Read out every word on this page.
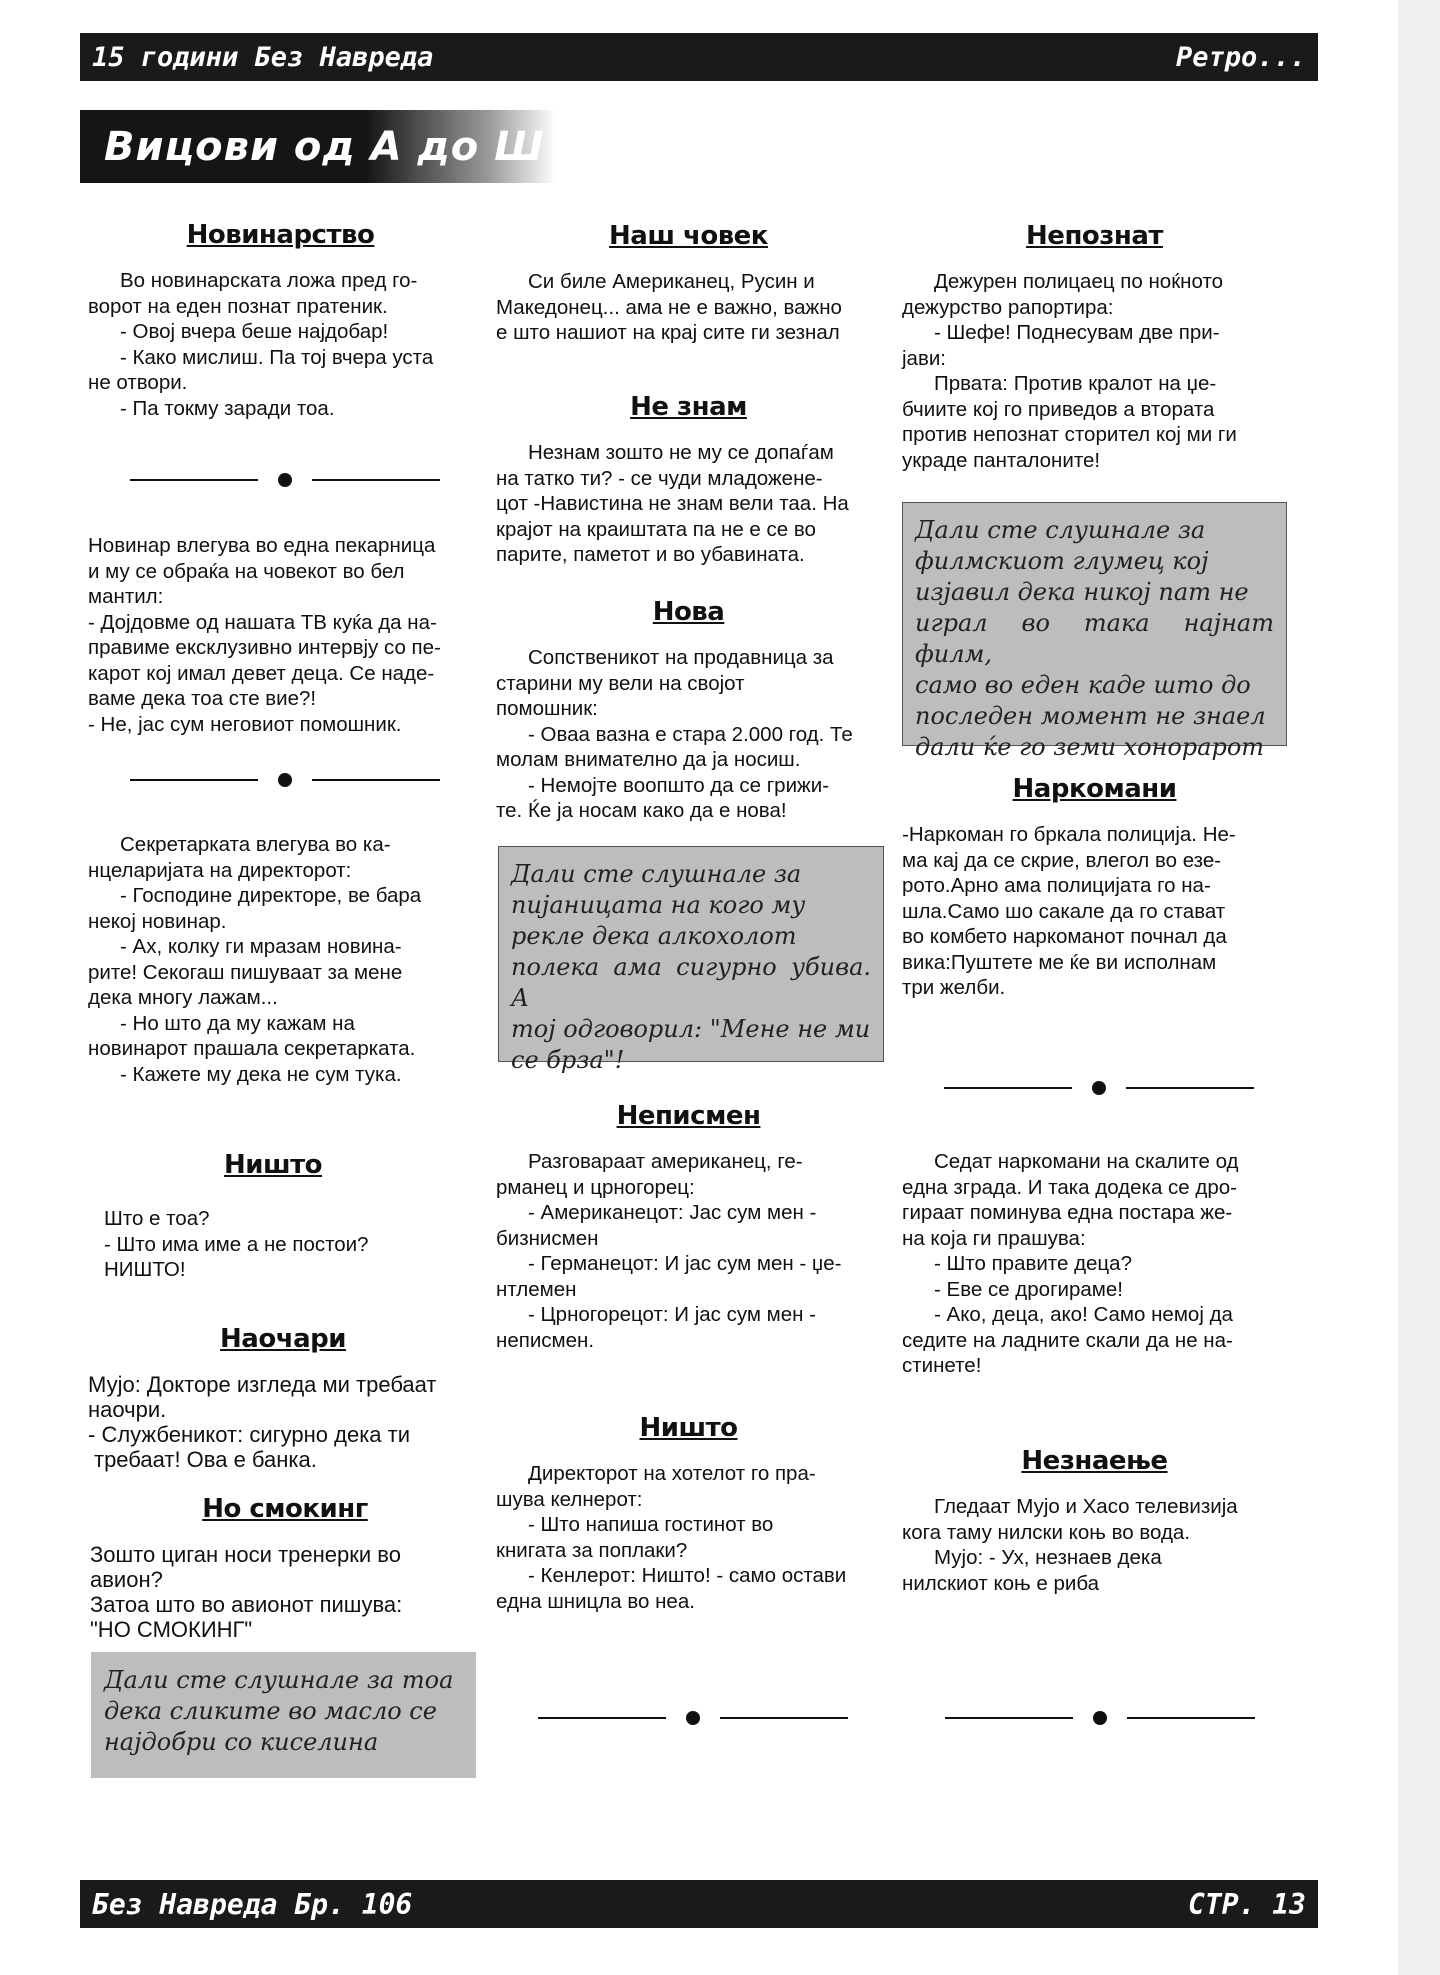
15 години Без Навреда	Ретро...
Вицови од А до Ш
Новинарство
Во новинарската ложа пред го-
ворот на еден познат пратеник.
- Овој вчера беше најдобар!
- Како мислиш. Па тој вчера уста
не отвори.
- Па токму заради тоа.
Новинар влегува во една пекарница
и му се обраќа на човекот во бел
мантил:
- Дојдовме од нашата ТВ куќа да на-
правиме ексклузивно интервју со пе-
карот кој имал девет деца. Се наде-
ваме дека тоа сте вие?!
- Не, јас сум неговиот помошник.
Секретарката влегува во ка-
нцеларијата на директорот:
- Господине директоре, ве бара
некој новинар.
- Ах, колку ги мразам новина-
рите! Секогаш пишуваат за мене
дека многу лажам...
- Но што да му кажам на
новинарот прашала секретарката.
- Кажете му дека не сум тука.
Ништо
Што е тоа?
- Што има име а не постои?
НИШТО!
Наочари
Мујо: Докторе изгледа ми требаат
наочри.
- Службеникот: сигурно дека ти
требаат! Ова е банка.
Но смокинг
Зошто циган носи тренерки во
авион?
Затоа што во авионот пишува:
"НО СМОКИНГ"
Дали сте слушнале за тоа
дека сликите во масло се
најдобри со киселина
Наш човек
Си биле Американец, Русин и
Македонец... ама не е важно, важно
е што нашиот на крај сите ги зезнал
Не знам
Незнам зошто не му се допаѓам
на татко ти? - се чуди младожене-
цот -Навистина не знам вели таа. На
крајот на краиштата па не е се во
парите, паметот и во убавината.
Нова
Сопственикот на продавница за
старини му вели на својот
помошник:
- Оваа вазна е стара 2.000 год. Те
молам внимателно да ја носиш.
- Немојте воопшто да се грижи-
те. Ќе ја носам како да е нова!
Дали сте слушнале за
пијаницата на кого му
рекле дека алкохолот
полека ама сигурно убива. А
тој одговорил: "Мене не ми
се брза"!
Неписмен
Разговараат американец, ге-
рманец и црногорец:
- Американецот: Јас сум мен -
бизнисмен
- Германецот: И јас сум мен - џе-
нтлемен
- Црногорецот: И јас сум мен -
неписмен.
Ништо
Директорот на хотелот го пра-
шува келнерот:
- Што напиша гостинот во
книгата за поплаки?
- Кенлерот: Ништо! - само остави
една шницла во неа.
Непознат
Дежурен полицаец по ноќното
дежурство рапортира:
- Шефе! Поднесувам две при-
јави:
Првата: Против кралот на џе-
бчиите кој го приведов а втората
против непознат сторител кој ми ги
украде панталоните!
Дали сте слушнале за
филмскиот глумец кој
изјавил дека никој пат не
играл во така најнат филм,
само во еден каде што до
последен момент не знаел
дали ќе го земи хонорарот
Наркомани
-Наркоман го бркала полиција. Не-
ма кај да се скрие, влегол во езе-
рото.Арно ама полицијата го на-
шла.Само шо сакале да го стават
во комбето наркоманот почнал да
вика:Пуштете ме ќе ви исполнам
три желби.
Седат наркомани на скалите од
една зграда. И така додека се дро-
гираат поминува една постара же-
на која ги прашува:
- Што правите деца?
- Еве се дрогираме!
- Ако, деца, ако! Само немој да
седите на ладните скали да не на-
стинете!
Незнаење
Гледаат Мујо и Хасо телевизија
кога таму нилски коњ во вода.
Мујо: - Ух, незнаев дека
нилскиот коњ е риба
Без Навреда Бр. 106	СТР. 13
